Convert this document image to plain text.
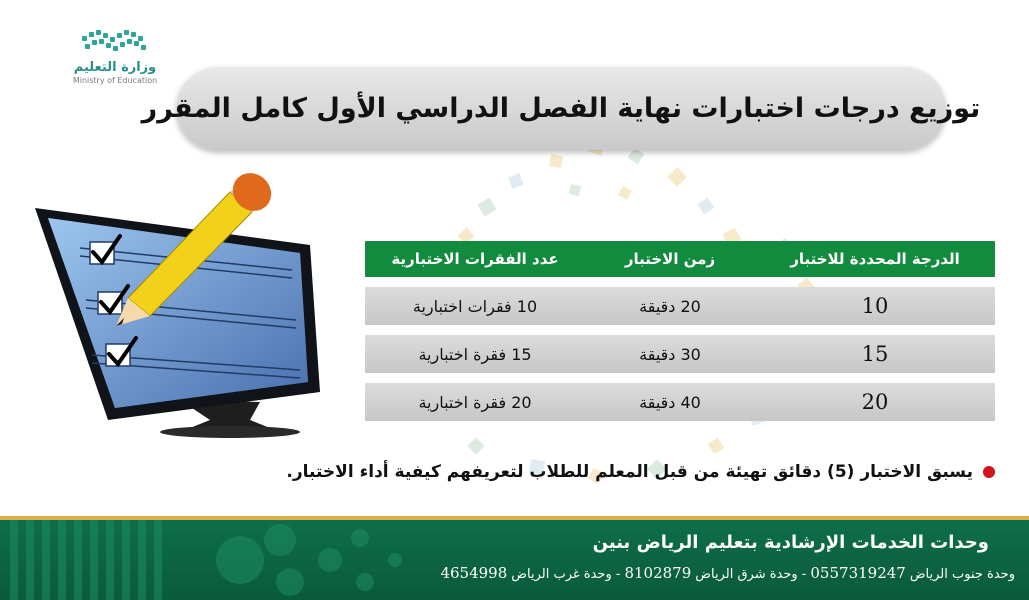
وزارة التعليم
Ministry of Education
توزيع درجات اختبارات نهاية الفصل الدراسي الأول كامل المقرر
الدرجة المحددة للاختبار
زمن الاختبار
عدد الفقرات الاختبارية
10
20 دقيقة
10 فقرات اختبارية
15
30 دقيقة
15 فقرة اختبارية
20
40 دقيقة
20 فقرة اختبارية
يسبق الاختبار (5) دقائق تهيئة من قبل المعلم للطلاب لتعريفهم كيفية أداء الاختبار.
وحدات الخدمات الإرشادية بتعليم الرياض بنين
وحدة جنوب الرياض
0557319247
-
وحدة شرق الرياض
8102879
-
وحدة غرب الرياض
4654998
